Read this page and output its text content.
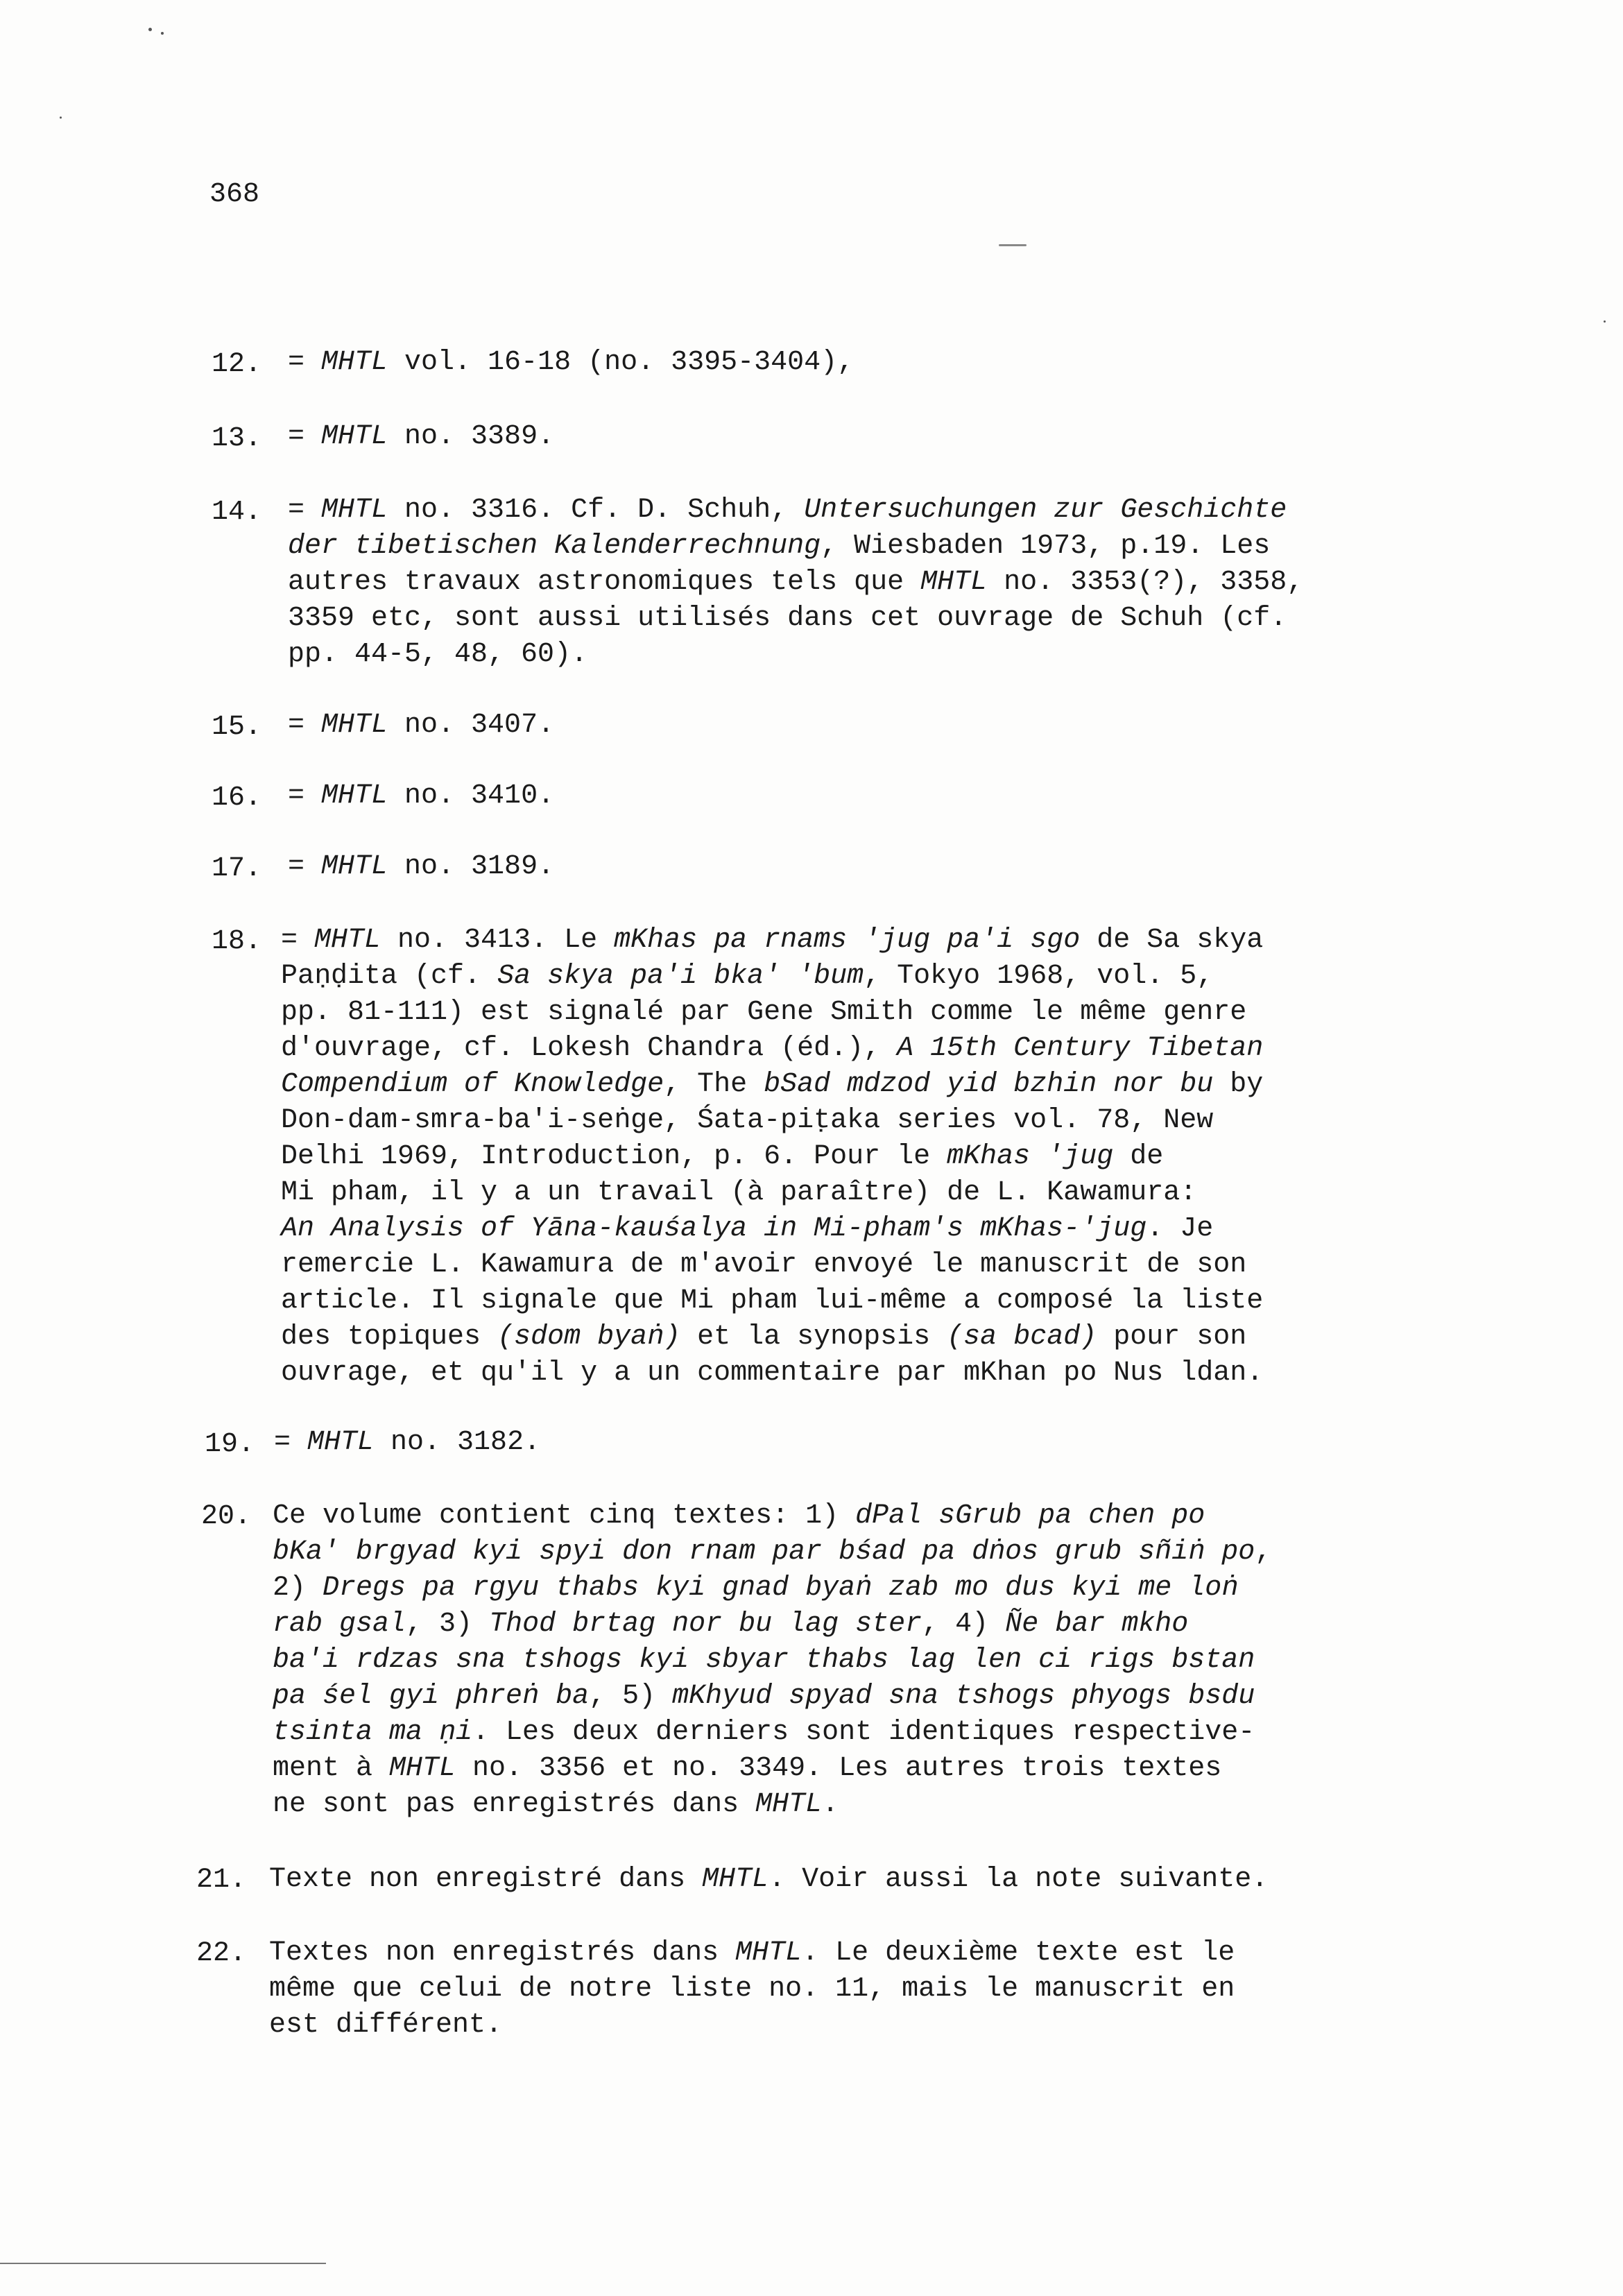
368

12. = MHTL vol. 16-18 (no. 3395-3404),
13. = MHTL no. 3389.
14. = MHTL no. 3316. Cf. D. Schuh, Untersuchungen zur Geschichte
der tibetischen Kalenderrechnung, Wiesbaden 1973, p.19. Les
autres travaux astronomiques tels que MHTL no. 3353(?), 3358,
3359 etc, sont aussi utilisés dans cet ouvrage de Schuh (cf.
pp. 44-5, 48, 60).
15. = MHTL no. 3407.
16. = MHTL no. 3410.
17. = MHTL no. 3189.
18. = MHTL no. 3413. Le mKhas pa rnams 'jug pa'i sgo de Sa skya
Paṇḍita (cf. Sa skya pa'i bka' 'bum, Tokyo 1968, vol. 5,
pp. 81-111) est signalé par Gene Smith comme le même genre
d'ouvrage, cf. Lokesh Chandra (éd.), A 15th Century Tibetan
Compendium of Knowledge, The bSad mdzod yid bzhin nor bu by
Don-dam-smra-ba'i-seṅge, Śata-piṭaka series vol. 78, New
Delhi 1969, Introduction, p. 6. Pour le mKhas 'jug de
Mi pham, il y a un travail (à paraître) de L. Kawamura:
An Analysis of Yāna-kauśalya in Mi-pham's mKhas-'jug. Je
remercie L. Kawamura de m'avoir envoyé le manuscrit de son
article. Il signale que Mi pham lui-même a composé la liste
des topiques (sdom byaṅ) et la synopsis (sa bcad) pour son
ouvrage, et qu'il y a un commentaire par mKhan po Nus ldan.
19. = MHTL no. 3182.
20. Ce volume contient cinq textes: 1) dPal sGrub pa chen po
bKa' brgyad kyi spyi don rnam par bśad pa dṅos grub sñiṅ po,
2) Dregs pa rgyu thabs kyi gnad byaṅ zab mo dus kyi me loṅ
rab gsal, 3) Thod brtag nor bu lag ster, 4) Ñe bar mkho
ba'i rdzas sna tshogs kyi sbyar thabs lag len ci rigs bstan
pa śel gyi phreṅ ba, 5) mKhyud spyad sna tshogs phyogs bsdu
tsinta ma ṇi. Les deux derniers sont identiques respective-
ment à MHTL no. 3356 et no. 3349. Les autres trois textes
ne sont pas enregistrés dans MHTL.
21. Texte non enregistré dans MHTL. Voir aussi la note suivante.
22. Textes non enregistrés dans MHTL. Le deuxième texte est le
même que celui de notre liste no. 11, mais le manuscrit en
est différent.
